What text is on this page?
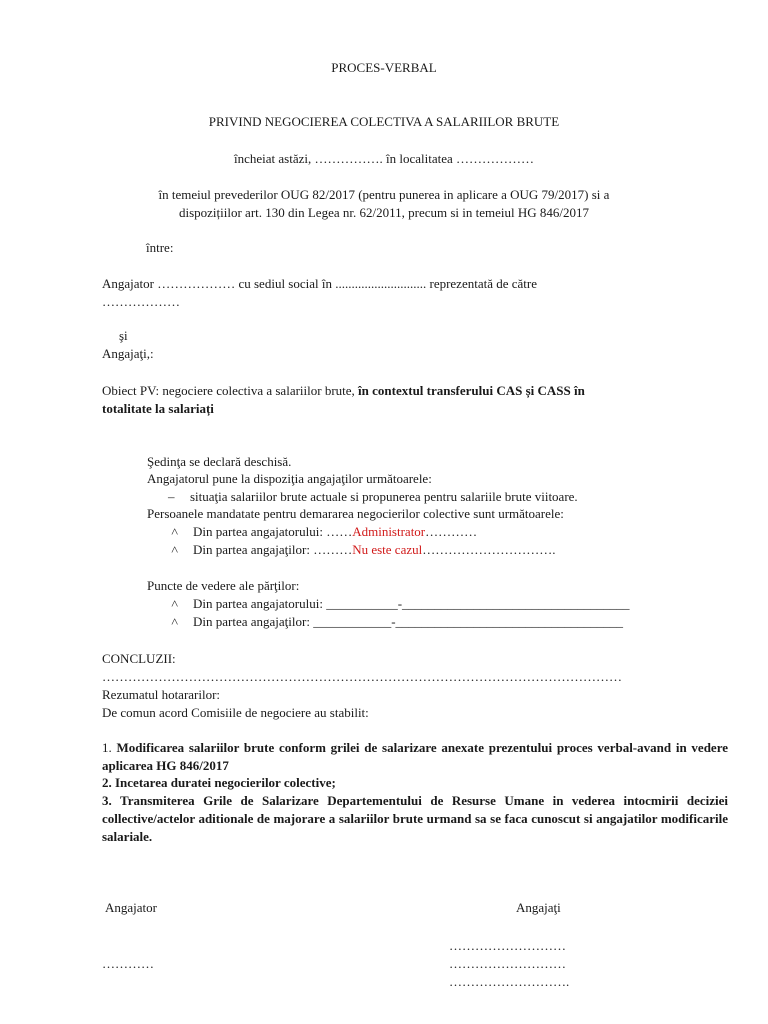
PROCES-VERBAL
PRIVIND NEGOCIEREA COLECTIVA A SALARIILOR BRUTE
încheiat astăzi, ……………. în localitatea ………………
în temeiul prevederilor OUG 82/2017 (pentru punerea in aplicare a OUG 79/2017) si a
dispozițiilor art. 130 din Legea nr. 62/2011, precum si in temeiul HG 846/2017
între:
Angajator ……………… cu sediul social în ............................ reprezentată de către
………………
şi
Angajaţi,:
Obiect PV: negociere colectiva a salariilor brute, în contextul transferului CAS și CASS în
totalitate la salariați
Şedinţa se declară deschisă.
Angajatorul pune la dispoziţia angajaţilor următoarele:
– situaţia salariilor brute actuale si propunerea pentru salariile brute viitoare.
Persoanele mandatate pentru demararea negocierilor colective sunt următoarele:
˄ Din partea angajatorului: ……Administrator…………
˄ Din partea angajaţilor: ………Nu este cazul………………………….
Puncte de vedere ale părţilor:
˄ Din partea angajatorului: ___________-___________________________________
˄ Din partea angajaţilor: ____________-___________________________________
CONCLUZII:
…………………………………………………………………………………………………………
Rezumatul hotararilor:
De comun acord Comisiile de negociere au stabilit:
1. Modificarea salariilor brute conform grilei de salarizare anexate prezentului proces verbal-avand in vedere aplicarea HG 846/2017
2. Incetarea duratei negocierilor colective;
3. Transmiterea Grile de Salarizare Departementului de Resurse Umane in vederea intocmirii deciziei collective/actelor aditionale de majorare a salariilor brute urmand sa se faca cunoscut si angajatilor modificarile salariale.
Angajator	Angajaţi
………………………
…………	………………………
……………………….
